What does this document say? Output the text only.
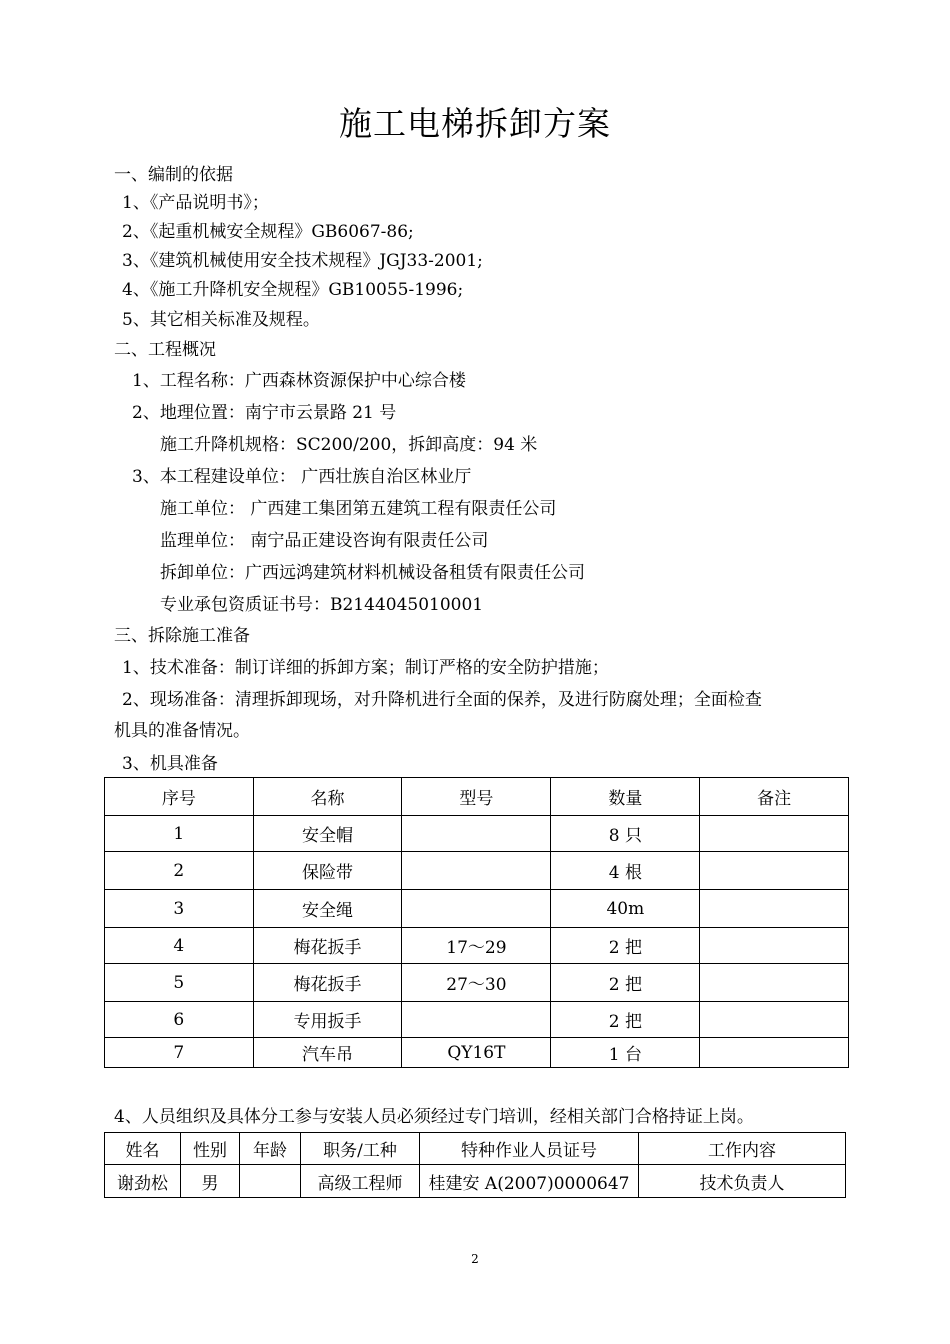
施工电梯拆卸方案
一、编制的依据
1、《产品说明书》；
2、《起重机械安全规程》GB6067-86;
3、《建筑机械使用安全技术规程》JGJ33-2001;
4、《施工升降机安全规程》GB10055-1996;
5、其它相关标准及规程。
二、工程概况
1、工程名称：广西森林资源保护中心综合楼
2、地理位置：南宁市云景路 21 号
施工升降机规格：SC200/200，拆卸高度：94 米
3、本工程建设单位： 广西壮族自治区林业厅
施工单位： 广西建工集团第五建筑工程有限责任公司
监理单位： 南宁品正建设咨询有限责任公司
拆卸单位：广西远鸿建筑材料机械设备租赁有限责任公司
专业承包资质证书号：B2144045010001
三、拆除施工准备
1、技术准备：制订详细的拆卸方案；制订严格的安全防护措施；
2、现场准备：清理拆卸现场，对升降机进行全面的保养，及进行防腐处理；全面检查
机具的准备情况。
3、机具准备
序号	名称	型号	数量	备注
1	安全帽		8 只	
2	保险带		4 根	
3	安全绳		40m	
4	梅花扳手	17～29	2 把	
5	梅花扳手	27～30	2 把	
6	专用扳手		2 把	
7	汽车吊	QY16T	1 台	
4、人员组织及具体分工参与安装人员必须经过专门培训，经相关部门合格持证上岗。
姓名	性别	年龄	职务/工种	特种作业人员证号	工作内容
谢劲松	男		高级工程师	桂建安 A(2007)0000647	技术负责人
2
